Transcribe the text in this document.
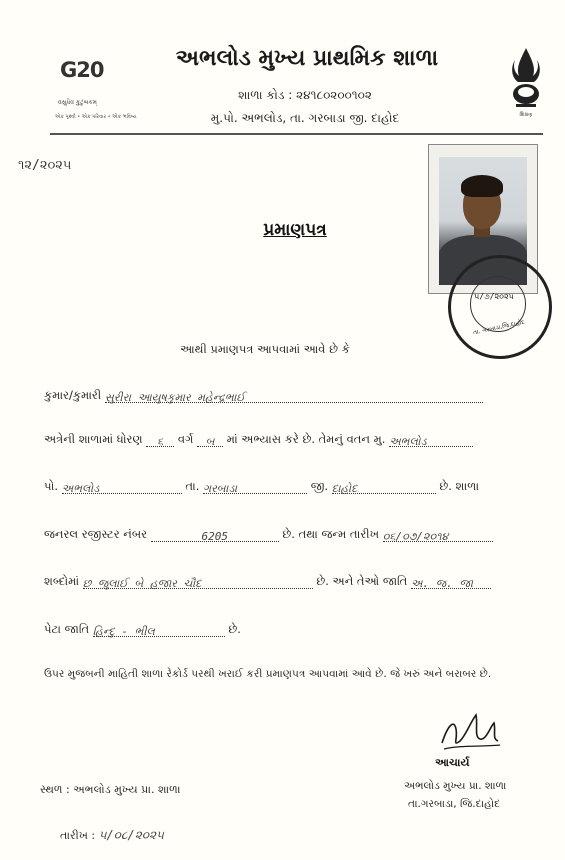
G20
વસુધૈવ કુટુંબકમ્
એક પૃથ્વી • એક પરિવાર • એક ભવિષ્ય	શિક્ષણ
અભલોડ મુખ્ય પ્રાથમિક શાળા
શાળા કોડ : ૨૪૧૮૦૨૦૦૧૦૨
મુ.પો. અભલોડ, તા. ગરબાડા જી. દાહોદ
૧૨/૨૦૨૫
પ્રમાણપત્ર
૫/૭/૨૦૨૫
તા. ગરબાડા,જિ.દાહોદ
આથી પ્રમાણપત્ર આપવામાં આવે છે કે
કુમાર/કુમારી સુરીરા આયુષકુમાર મહેન્દ્રભાઈ
અત્રેની શાળામાં ધોરણ ૬ વર્ગ બ માં અભ્યાસ કરે છે. તેમનું વતન મુ. અભલોડ
પો. અભલોડ	તા. ગરબાડા	જી. દાહોદ	છે. શાળા
જનરલ રજીસ્ટર નંબર	6205	છે. તથા જન્મ તારીખ ૦૬/૦૭/૨૦૧૪
શબ્દોમાં છ જુલાઈ બે હજાર ચૌદ	છે. અને તેઓ જાતિ અ. જ. જા
પેટા જાતિ હિન્દુ - ભીલ	છે.
ઉપર મુજબની માહિતી શાળા રેકોર્ડ પરથી ખરાઈ કરી પ્રમાણપત્ર આપવામાં આવે છે. જે ખરું અને બરાબર છે.
આચાર્ય
અભલોડ મુખ્ય પ્રા. શાળા
તા.ગરબાડા, જિ.દાહોદ
સ્થળ : અભલોડ મુખ્ય પ્રા. શાળા
તારીખ : ૫/૦૮/૨૦૨૫
